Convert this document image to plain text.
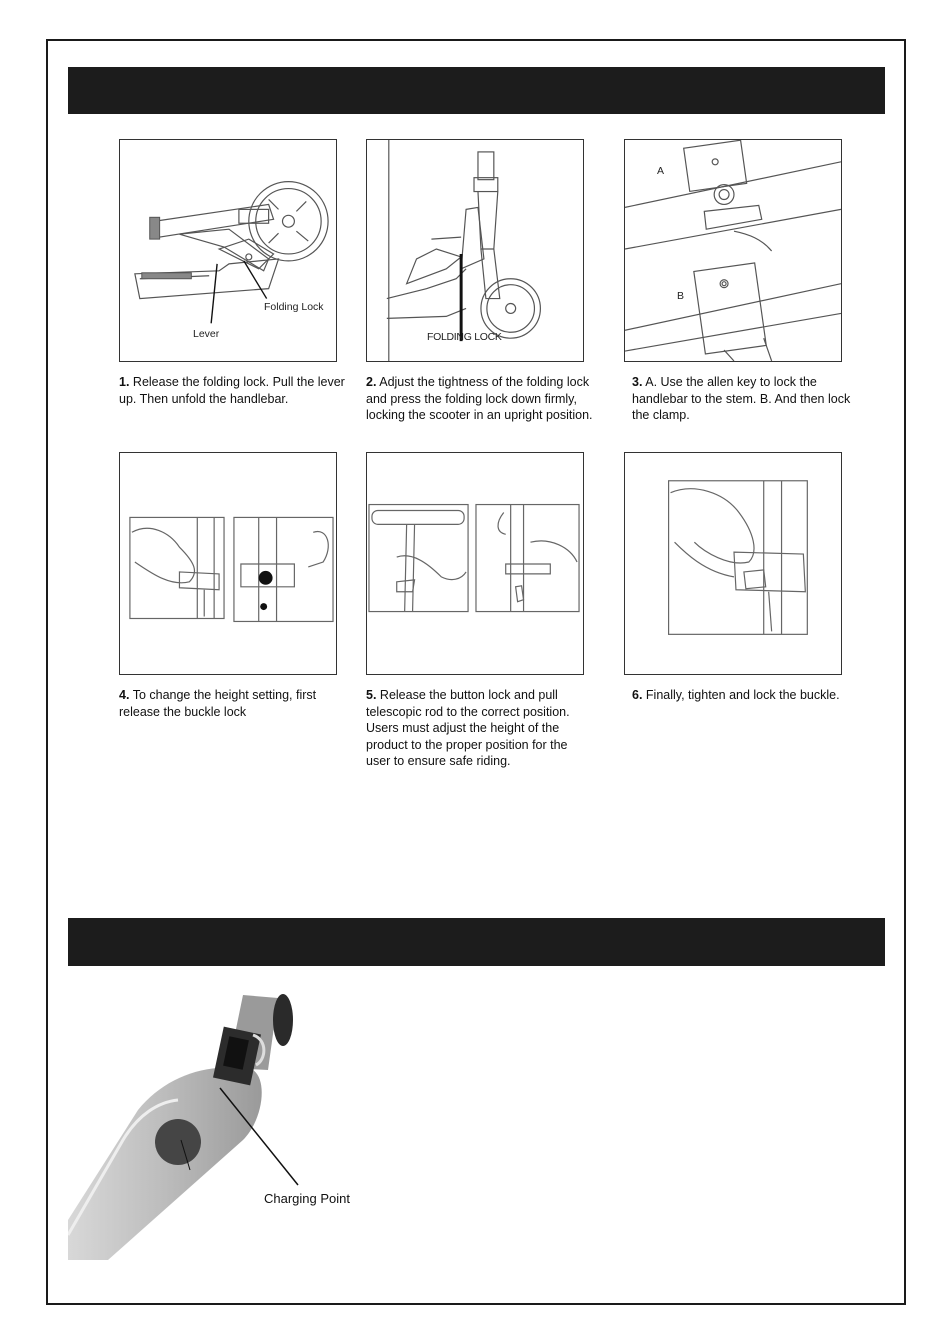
Folding Lock
Lever	FOLDING LOCK
A
B
1. Release the folding lock. Pull the lever up. Then unfold the handlebar.
2. Adjust the tightness of the folding lock and press the folding lock down firmly, locking the scooter in an upright position.
3. A. Use the allen key to lock the handlebar to the stem. B. And then lock the clamp.
4. To change the height setting, first release the buckle lock
5. Release the button lock and pull telescopic rod to the correct position. Users must adjust the height of the product to the proper position for the user to ensure safe riding.
6. Finally, tighten and lock the buckle.
Charging Point
